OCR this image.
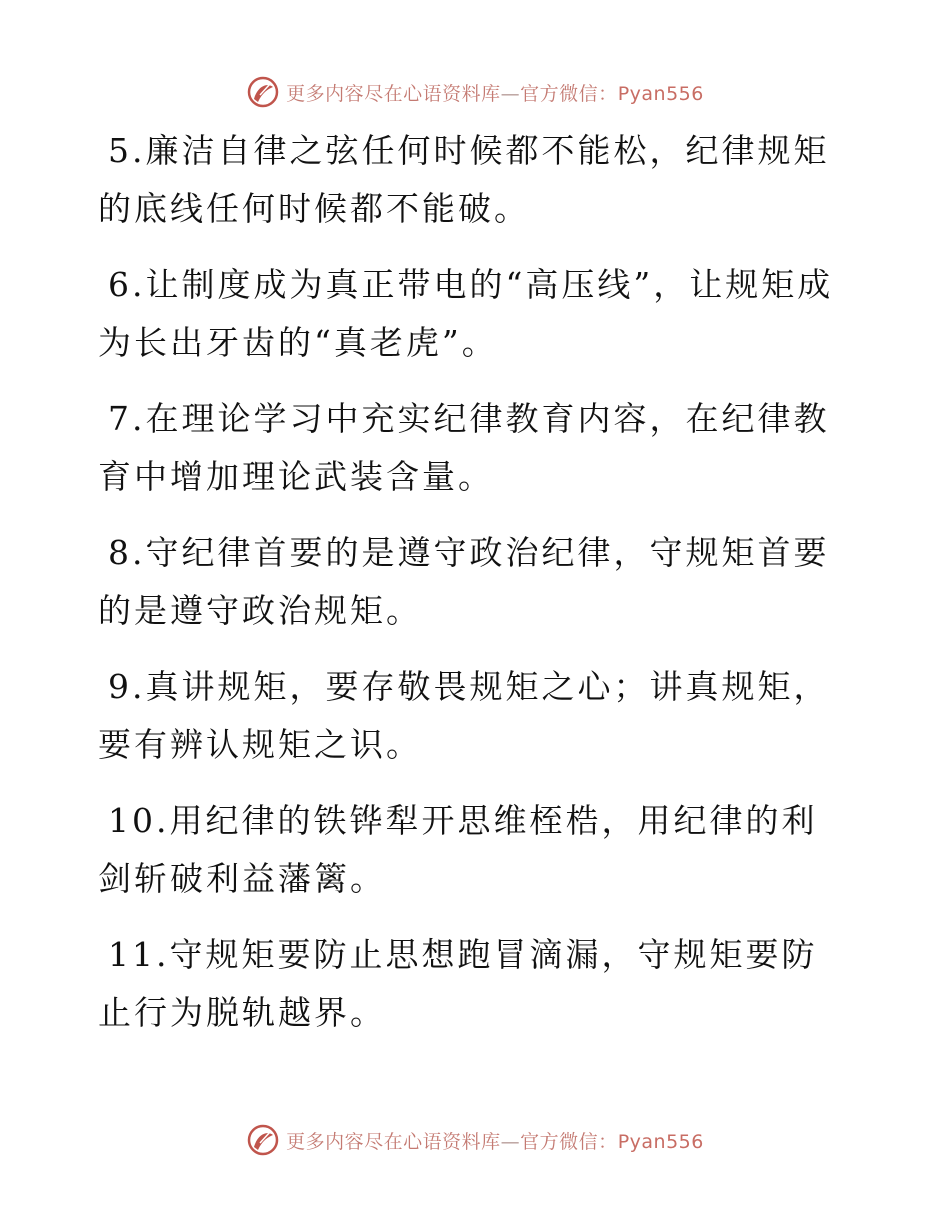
更多内容尽在心语资料库—官方微信：Pyan556

5.廉洁自律之弦任何时候都不能松，纪律规矩的底线任何时候都不能破。

6.让制度成为真正带电的“高压线”，让规矩成为长出牙齿的“真老虎”。

7.在理论学习中充实纪律教育内容，在纪律教育中增加理论武装含量。

8.守纪律首要的是遵守政治纪律，守规矩首要的是遵守政治规矩。

9.真讲规矩，要存敬畏规矩之心；讲真规矩，要有辨认规矩之识。

10.用纪律的铁铧犁开思维桎梏，用纪律的利剑斩破利益藩篱。

11.守规矩要防止思想跑冒滴漏，守规矩要防止行为脱轨越界。

更多内容尽在心语资料库—官方微信：Pyan556
